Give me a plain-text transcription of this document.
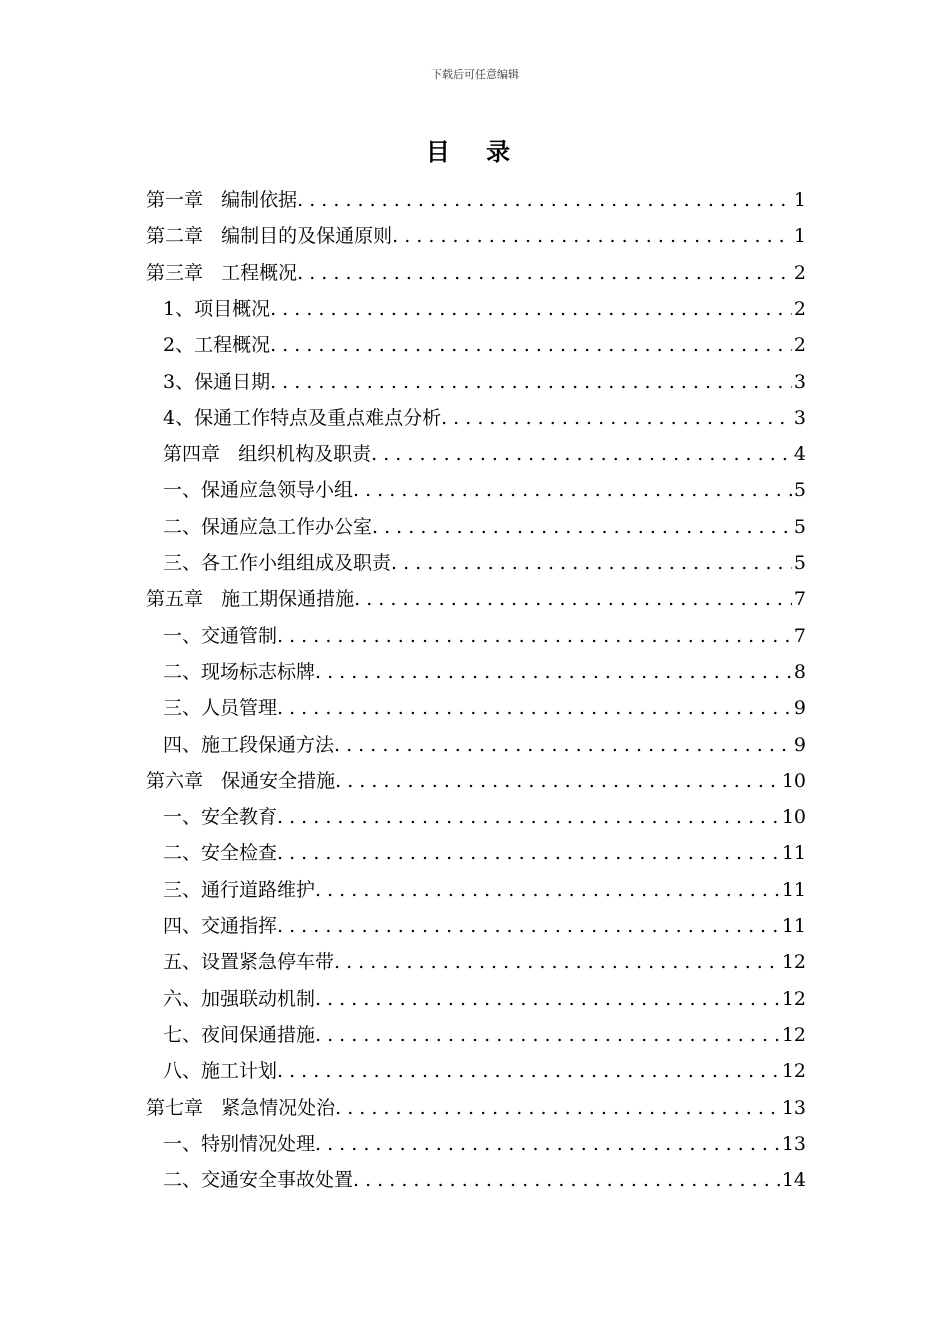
下载后可任意编辑
目 录
第一章   编制依据 . . .	1
第二章   编制目的及保通原则 . . .	1
第三章   工程概况 . . .	2
1、项目概况 . . .	2
2、工程概况 . . .	2
3、保通日期 . . .	3
4、保通工作特点及重点难点分析 . . .	3
第四章   组织机构及职责 . . .	4
一、保通应急领导小组 . . .	5
二、保通应急工作办公室 . . .	5
三、各工作小组组成及职责 . . .	5
第五章   施工期保通措施 . . .	7
一、交通管制 . . .	7
二、现场标志标牌 . . .	8
三、人员管理 . . .	9
四、施工段保通方法 . . .	9
第六章   保通安全措施 . . .	10
一、安全教育 . . .	10
二、安全检查 . . .	11
三、通行道路维护 . . .	11
四、交通指挥 . . .	11
五、设置紧急停车带 . . .	12
六、加强联动机制 . . .	12
七、夜间保通措施 . . .	12
八、施工计划 . . .	12
第七章   紧急情况处治 . . .	13
一、特别情况处理 . . .	13
二、交通安全事故处置 . . .	14
